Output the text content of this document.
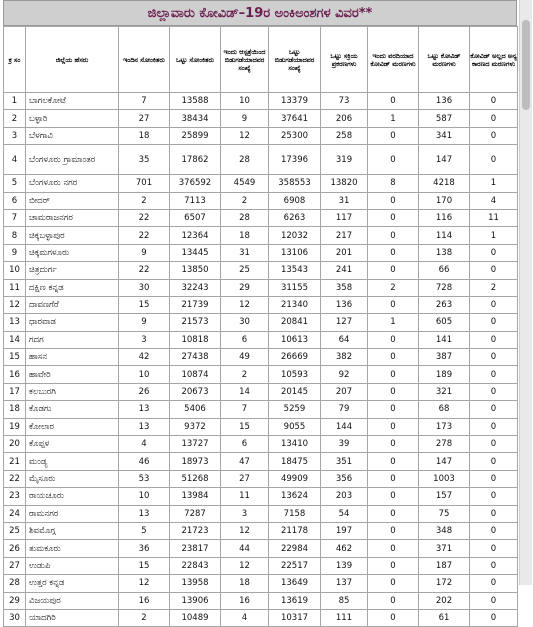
ಜಿಲ್ಲಾವಾರು ಕೋವಿಡ್–19ರ ಅಂಕಿಅಂಶಗಳ ವಿವರ**
ಕ್ರ ಸಂ	ಜಿಲ್ಲೆಯ ಹೆಸರು	ಇಂದಿನ ಸೋಂಕಿತರು	ಒಟ್ಟು ಸೋಂಕಿತರು	ಇಂದು ಆಸ್ಪತ್ರೆಯಿಂದ ಬಿಡುಗಡೆಯಾದವರ ಸಂಖ್ಯೆ	ಒಟ್ಟು ಬಿಡುಗಡೆಯಾದವರ ಸಂಖ್ಯೆ	ಒಟ್ಟು ಸಕ್ರಿಯ ಪ್ರಕರಣಗಳು	ಇಂದು ವರದಿಯಾದ ಕೋವಿಡ್ ಮರಣಗಳು	ಒಟ್ಟು ಕೋವಿಡ್ ಮರಣಗಳು	ಕೋವಿಡ್ ಅಲ್ಲದ ಅನ್ಯ ಕಾರಣದ ಮರಣಗಳು
1	ಬಾಗಲಕೋಟೆ	7	13588	10	13379	73	0	136	0
2	ಬಳ್ಳಾರಿ	27	38434	9	37641	206	1	587	0
3	ಬೆಳಗಾವಿ	18	25899	12	25300	258	0	341	0
4	ಬೆಂಗಳೂರು ಗ್ರಾಮಾಂತರ	35	17862	28	17396	319	0	147	0
5	ಬೆಂಗಳೂರು ನಗರ	701	376592	4549	358553	13820	8	4218	1
6	ಬೀದರ್	2	7113	2	6908	31	0	170	4
7	ಚಾಮರಾಜನಗರ	22	6507	28	6263	117	0	116	11
8	ಚಿಕ್ಕಬಳ್ಳಾಪುರ	22	12364	18	12032	217	0	114	1
9	ಚಿಕ್ಕಮಗಳೂರು	9	13445	31	13106	201	0	138	0
10	ಚಿತ್ರದುರ್ಗ	22	13850	25	13543	241	0	66	0
11	ದಕ್ಷಿಣ ಕನ್ನಡ	30	32243	29	31155	358	2	728	2
12	ದಾವಣಗೆರೆ	15	21739	12	21340	136	0	263	0
13	ಧಾರವಾಡ	9	21573	30	20841	127	1	605	0
14	ಗದಗ	3	10818	6	10613	64	0	141	0
15	ಹಾಸನ	42	27438	49	26669	382	0	387	0
16	ಹಾವೇರಿ	10	10874	2	10593	92	0	189	0
17	ಕಲಬುರಗಿ	26	20673	14	20145	207	0	321	0
18	ಕೊಡಗು	13	5406	7	5259	79	0	68	0
19	ಕೋಲಾರ	13	9372	15	9055	144	0	173	0
20	ಕೊಪ್ಪಳ	4	13727	6	13410	39	0	278	0
21	ಮಂಡ್ಯ	46	18973	47	18475	351	0	147	0
22	ಮೈಸೂರು	53	51268	27	49909	356	0	1003	0
23	ರಾಯಚೂರು	10	13984	11	13624	203	0	157	0
24	ರಾಮನಗರ	13	7287	3	7158	54	0	75	0
25	ಶಿವಮೊಗ್ಗ	5	21723	12	21178	197	0	348	0
26	ತುಮಕೂರು	36	23817	44	22984	462	0	371	0
27	ಉಡುಪಿ	15	22843	12	22517	139	0	187	0
28	ಉತ್ತರ ಕನ್ನಡ	12	13958	18	13649	137	0	172	0
29	ವಿಜಯಪುರ	16	13906	16	13619	85	0	202	0
30	ಯಾದಗಿರಿ	2	10489	4	10317	111	0	61	0
